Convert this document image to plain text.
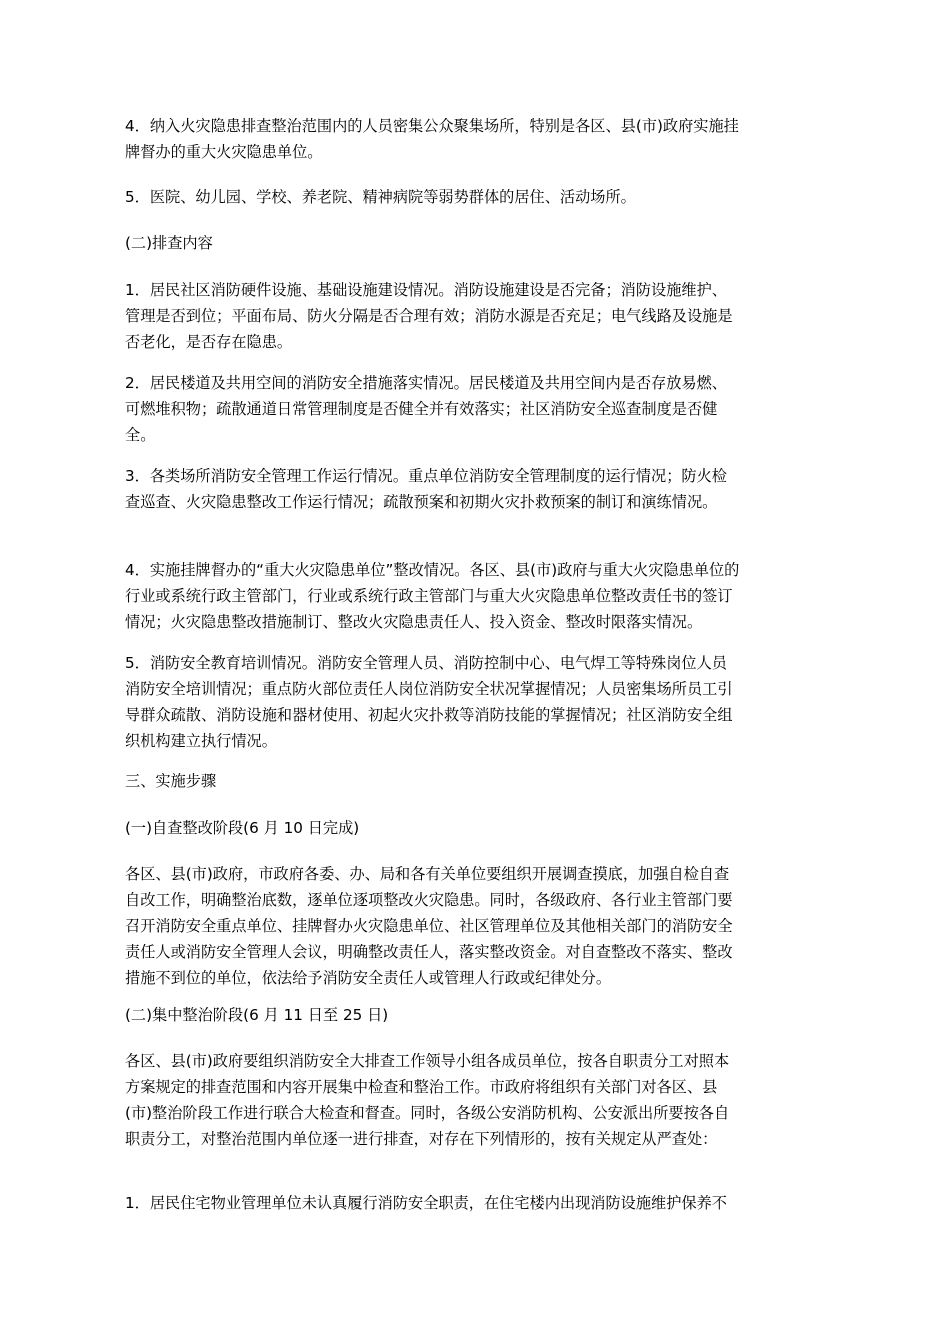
4．纳入火灾隐患排查整治范围内的人员密集公众聚集场所，特别是各区、县(市)政府实施挂
牌督办的重大火灾隐患单位。
5．医院、幼儿园、学校、养老院、精神病院等弱势群体的居住、活动场所。
(二)排查内容
1．居民社区消防硬件设施、基础设施建设情况。消防设施建设是否完备；消防设施维护、
管理是否到位；平面布局、防火分隔是否合理有效；消防水源是否充足；电气线路及设施是
否老化，是否存在隐患。
2．居民楼道及共用空间的消防安全措施落实情况。居民楼道及共用空间内是否存放易燃、
可燃堆积物；疏散通道日常管理制度是否健全并有效落实；社区消防安全巡查制度是否健
全。
3．各类场所消防安全管理工作运行情况。重点单位消防安全管理制度的运行情况；防火检
查巡查、火灾隐患整改工作运行情况；疏散预案和初期火灾扑救预案的制订和演练情况。
4．实施挂牌督办的“重大火灾隐患单位”整改情况。各区、县(市)政府与重大火灾隐患单位的
行业或系统行政主管部门，行业或系统行政主管部门与重大火灾隐患单位整改责任书的签订
情况；火灾隐患整改措施制订、整改火灾隐患责任人、投入资金、整改时限落实情况。
5．消防安全教育培训情况。消防安全管理人员、消防控制中心、电气焊工等特殊岗位人员
消防安全培训情况；重点防火部位责任人岗位消防安全状况掌握情况；人员密集场所员工引
导群众疏散、消防设施和器材使用、初起火灾扑救等消防技能的掌握情况；社区消防安全组
织机构建立执行情况。
三、实施步骤
(一)自查整改阶段(6 月 10 日完成)
各区、县(市)政府，市政府各委、办、局和各有关单位要组织开展调查摸底，加强自检自查
自改工作，明确整治底数，逐单位逐项整改火灾隐患。同时，各级政府、各行业主管部门要
召开消防安全重点单位、挂牌督办火灾隐患单位、社区管理单位及其他相关部门的消防安全
责任人或消防安全管理人会议，明确整改责任人，落实整改资金。对自查整改不落实、整改
措施不到位的单位，依法给予消防安全责任人或管理人行政或纪律处分。
(二)集中整治阶段(6 月 11 日至 25 日)
各区、县(市)政府要组织消防安全大排查工作领导小组各成员单位，按各自职责分工对照本
方案规定的排查范围和内容开展集中检查和整治工作。市政府将组织有关部门对各区、县
(市)整治阶段工作进行联合大检查和督查。同时，各级公安消防机构、公安派出所要按各自
职责分工，对整治范围内单位逐一进行排查，对存在下列情形的，按有关规定从严查处：
1．居民住宅物业管理单位未认真履行消防安全职责，在住宅楼内出现消防设施维护保养不
